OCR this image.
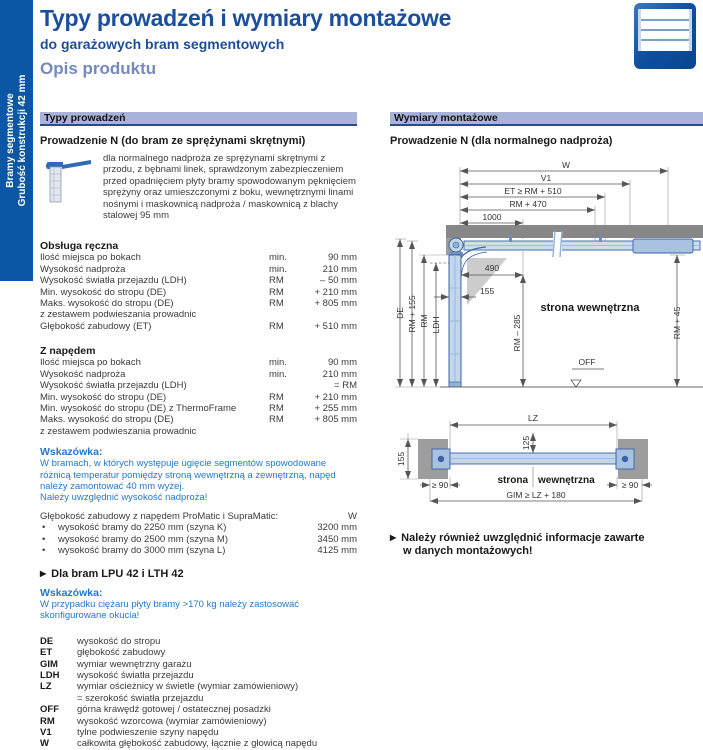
Bramy segmentowe Grubość konstrukcji 42 mm
Typy prowadzeń i wymiary montażowe
do garażowych bram segmentowych
Opis produktu
Typy prowadzeń
Prowadzenie N (do bram ze sprężynami skrętnymi)
dla normalnego nadproża ze sprężynami skrętnymi z przodu, z bębnami linek, sprawdzonym zabezpieczeniem przed opadnięciem płyty bramy spowodowanym pęknięciem sprężyny oraz umieszczonymi z boku, wewnętrznymi linami nośnymi i maskownicą nadproża / maskownicą z blachy stalowej 95 mm
Obsługa ręczna
Ilość miejsca po bokach	min.	90 mm
Wysokość nadproża	min.	210 mm
Wysokość światła przejazdu (LDH)	RM	– 50 mm
Min. wysokość do stropu (DE)	RM	+ 210 mm
Maks. wysokość do stropu (DE)	RM	+ 805 mm
z zestawem podwieszania prowadnic
Głębokość zabudowy (ET)	RM	+ 510 mm
Z napędem
Ilość miejsca po bokach	min.	90 mm
Wysokość nadproża	min.	210 mm
Wysokość światła przejazdu (LDH)	= RM
Min. wysokość do stropu (DE)	RM	+ 210 mm
Min. wysokość do stropu (DE) z ThermoFrame	RM	+ 255 mm
Maks. wysokość do stropu (DE)	RM	+ 805 mm
z zestawem podwieszania prowadnic
Wskazówka:
W bramach, w których występuje ugięcie segmentów spowodowane różnicą temperatur pomiędzy stroną wewnętrzną a zewnętrzną, napęd należy zamontować 40 mm wyżej.
Należy uwzględnić wysokość nadproża!
Głębokość zabudowy z napędem ProMatic i SupraMatic:	W
•
wysokość bramy do 2250 mm (szyna K)	3200 mm
•
wysokość bramy do 2500 mm (szyna M)	3450 mm
•
wysokość bramy do 3000 mm (szyna L)	4125 mm
▶Dla bram LPU 42 i LTH 42
Wskazówka:
W przypadku ciężaru płyty bramy >170 kg należy zastosować skonfigurowane okucia!
DE	wysokość do stropu
ET	głębokość zabudowy
GIM	wymiar wewnętrzny garażu
LDH	wysokość światła przejazdu
LZ	wymiar ościeżnicy w świetle (wymiar zamówieniowy)
= szerokość światła przejazdu
OFF	górna krawędź gotowej / ostatecznej posadzki
RM	wysokość wzorcowa (wymiar zamówieniowy)
V1	tylne podwieszenie szyny napędu
W	całkowita głębokość zabudowy, łącznie z głowicą napędu
Wymiary montażowe
Prowadzenie N (dla normalnego nadproża)
W
V1
ET ≥ RM + 510
RM + 470
1000
DE RM + 155 RM LDH
490
155
RM – 285
strona wewnętrzna
OFF
RM + 45
LZ
125
155
strona wewnętrzna
≥ 90	≥ 90
GIM ≥ LZ + 180
▶Należy również uwzględnić informacje zawarte
w danych montażowych!
